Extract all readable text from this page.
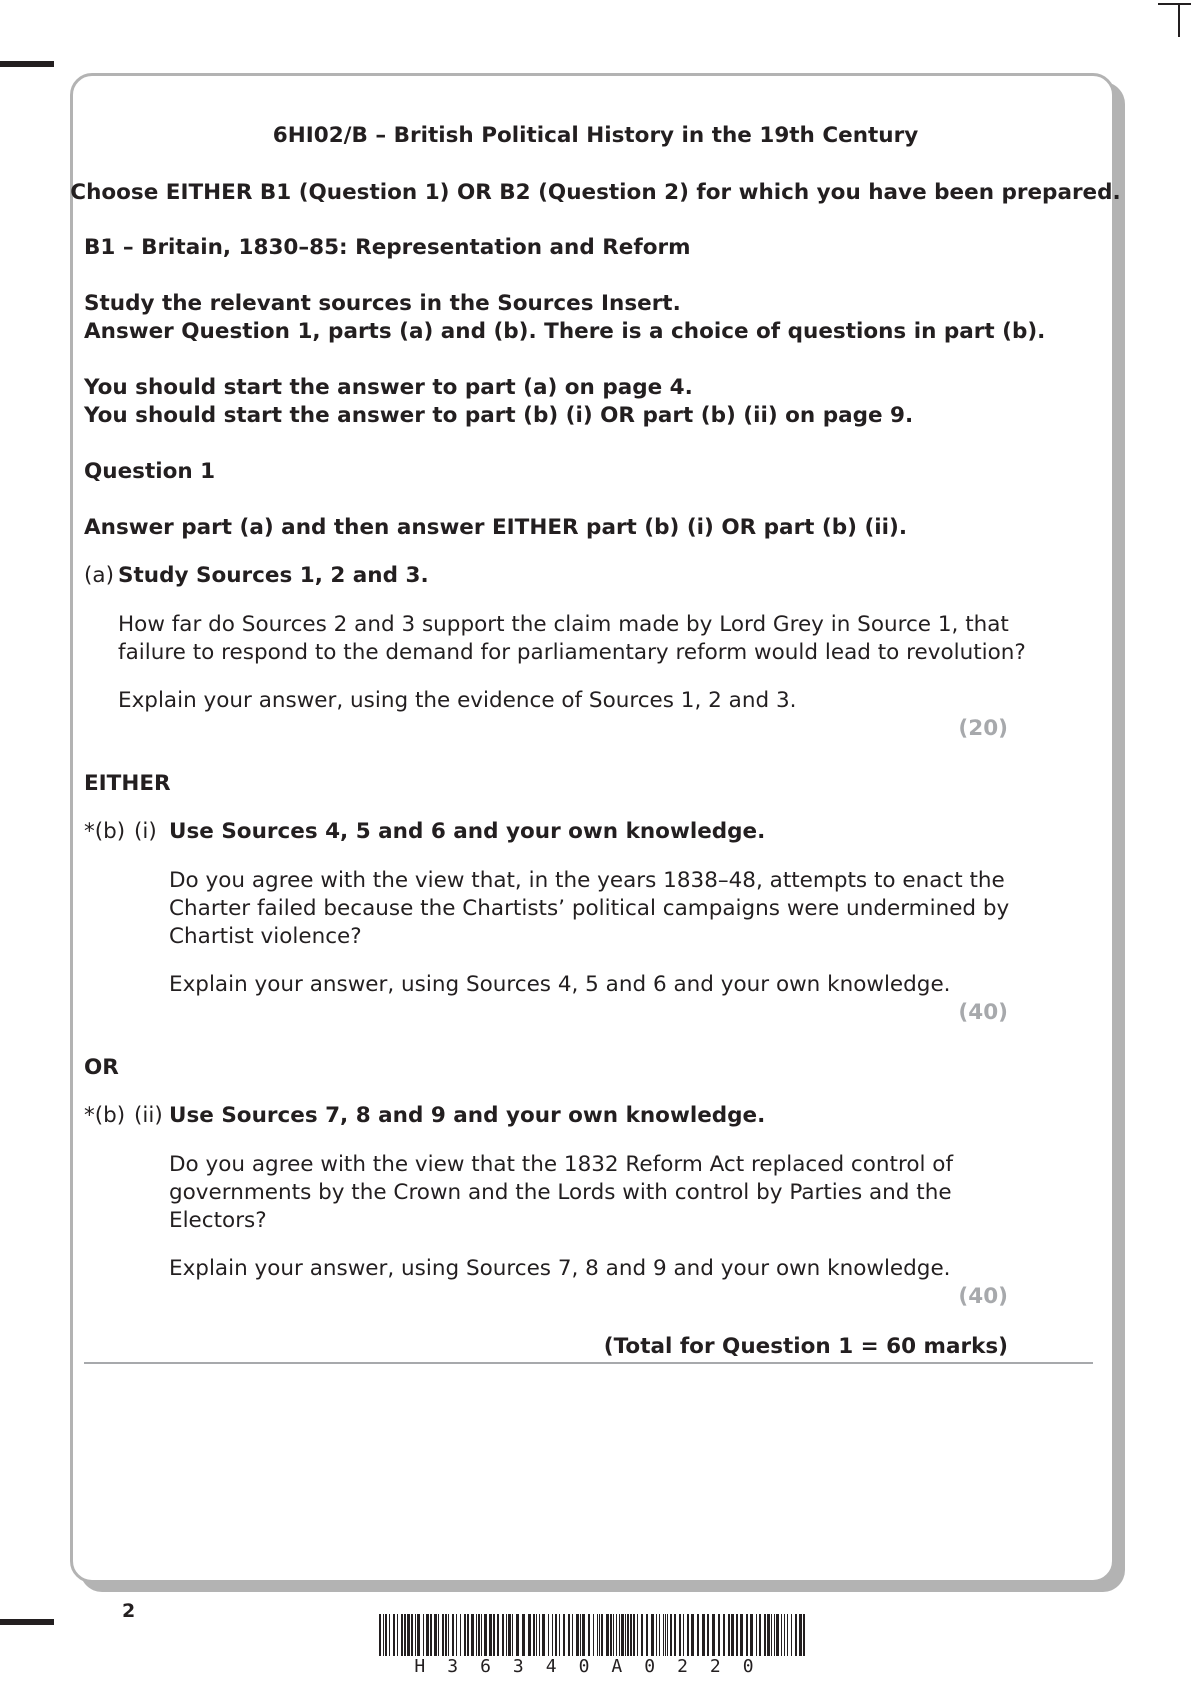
6HI02/B – British Political History in the 19th Century
Choose EITHER B1 (Question 1) OR B2 (Question 2) for which you have been prepared.
B1 – Britain, 1830–85: Representation and Reform
Study the relevant sources in the Sources Insert.
Answer Question 1, parts (a) and (b). There is a choice of questions in part (b).
You should start the answer to part (a) on page 4.
You should start the answer to part (b) (i) OR part (b) (ii) on page 9.
Question 1
Answer part (a) and then answer EITHER part (b) (i) OR part (b) (ii).
(a) Study Sources 1, 2 and 3.
How far do Sources 2 and 3 support the claim made by Lord Grey in Source 1, that
failure to respond to the demand for parliamentary reform would lead to revolution?
Explain your answer, using the evidence of Sources 1, 2 and 3.
(20)
EITHER
*(b) (i) Use Sources 4, 5 and 6 and your own knowledge.
Do you agree with the view that, in the years 1838–48, attempts to enact the
Charter failed because the Chartists’ political campaigns were undermined by
Chartist violence?
Explain your answer, using Sources 4, 5 and 6 and your own knowledge.
(40)
OR
*(b) (ii) Use Sources 7, 8 and 9 and your own knowledge.
Do you agree with the view that the 1832 Reform Act replaced control of
governments by the Crown and the Lords with control by Parties and the
Electors?
Explain your answer, using Sources 7, 8 and 9 and your own knowledge.
(40)
(Total for Question 1 = 60 marks)
2
H36340A0220
